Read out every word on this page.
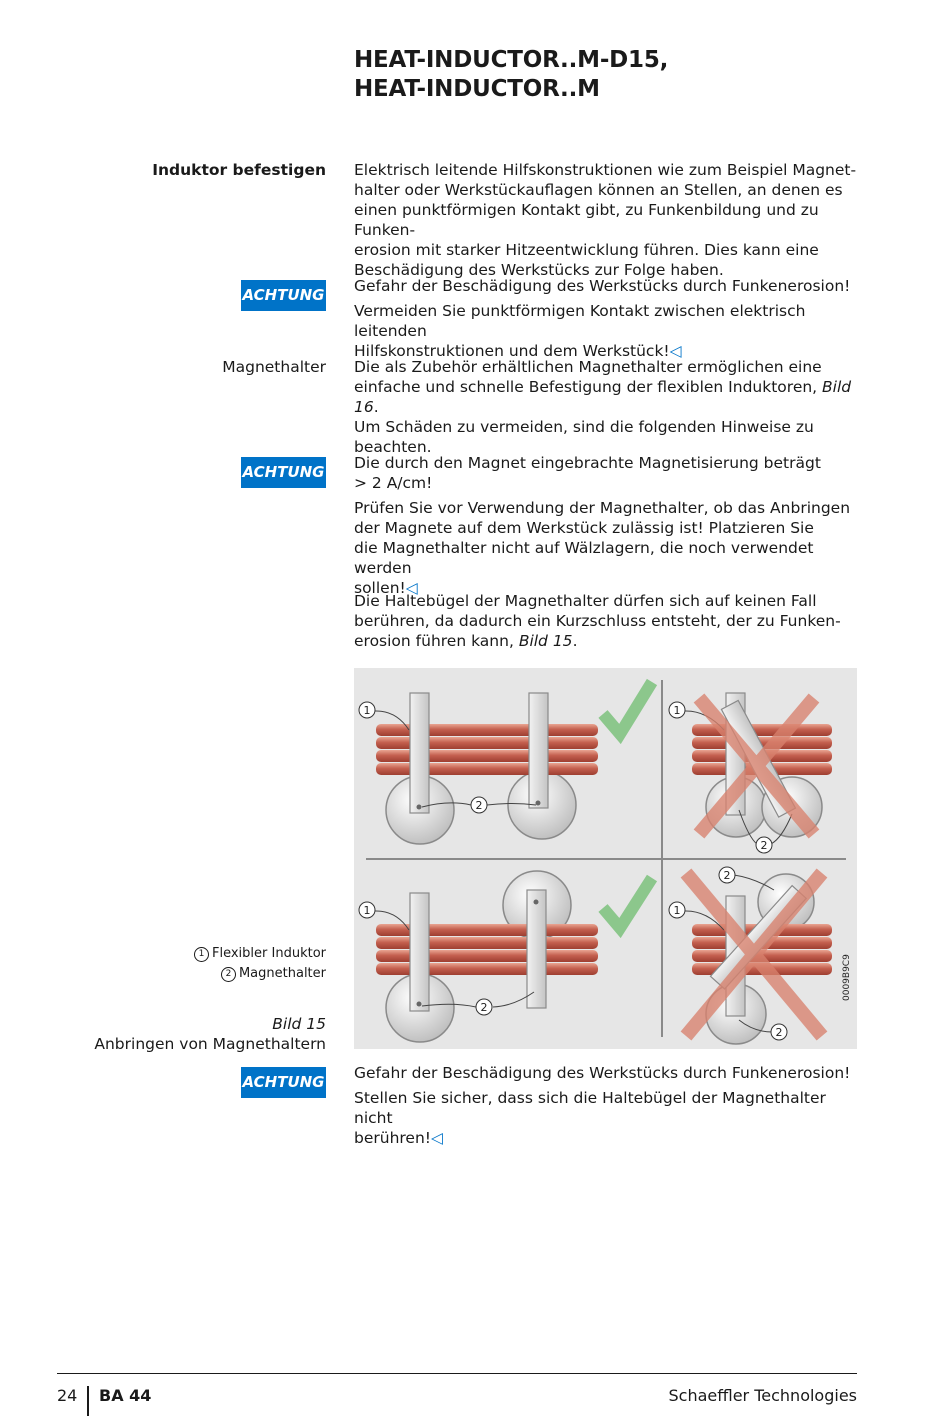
HEAT-INDUCTOR..M-D15,
HEAT-INDUCTOR..M
Induktor befestigen Elektrisch leitende Hilfskonstruktionen wie zum Beispiel Magnet-

halter oder Werkstückauflagen können an Stellen, an denen es

einen punktförmigen Kontakt gibt, zu Funkenbildung und zu Funken-

erosion mit starker Hitzeentwicklung führen. Dies kann eine

Beschädigung des Werkstücks zur Folge haben.

ACHTUNG Gefahr der Beschädigung des Werkstücks durch Funkenerosion!

Vermeiden Sie punktförmigen Kontakt zwischen elektrisch leitenden

Hilfskonstruktionen und dem Werkstück!◁

Magnethalter Die als Zubehör erhältlichen Magnethalter ermöglichen eine

einfache und schnelle Befestigung der flexiblen Induktoren, Bild 16.

Um Schäden zu vermeiden, sind die folgenden Hinweise zu

beachten.

ACHTUNG Die durch den Magnet eingebrachte Magnetisierung beträgt

> 2 A/cm!

Prüfen Sie vor Verwendung der Magnethalter, ob das Anbringen

der Magnete auf dem Werkstück zulässig ist! Platzieren Sie

die Magnethalter nicht auf Wälzlagern, die noch verwendet werden

sollen!◁

Die Haltebügel der Magnethalter dürfen sich auf keinen Fall

berühren, da dadurch ein Kurzschluss entsteht, der zu Funken-

erosion führen kann, Bild 15.

1
2
1
2
1
2
1
2
2
0009B9C9
1 Flexibler Induktor
2 Magnethalter
Bild 15
Anbringen von Magnethaltern
ACHTUNG Gefahr der Beschädigung des Werkstücks durch Funkenerosion!

Stellen Sie sicher, dass sich die Haltebügel der Magnethalter nicht

berühren!◁

24 BA 44	Schaeffler Technologies
